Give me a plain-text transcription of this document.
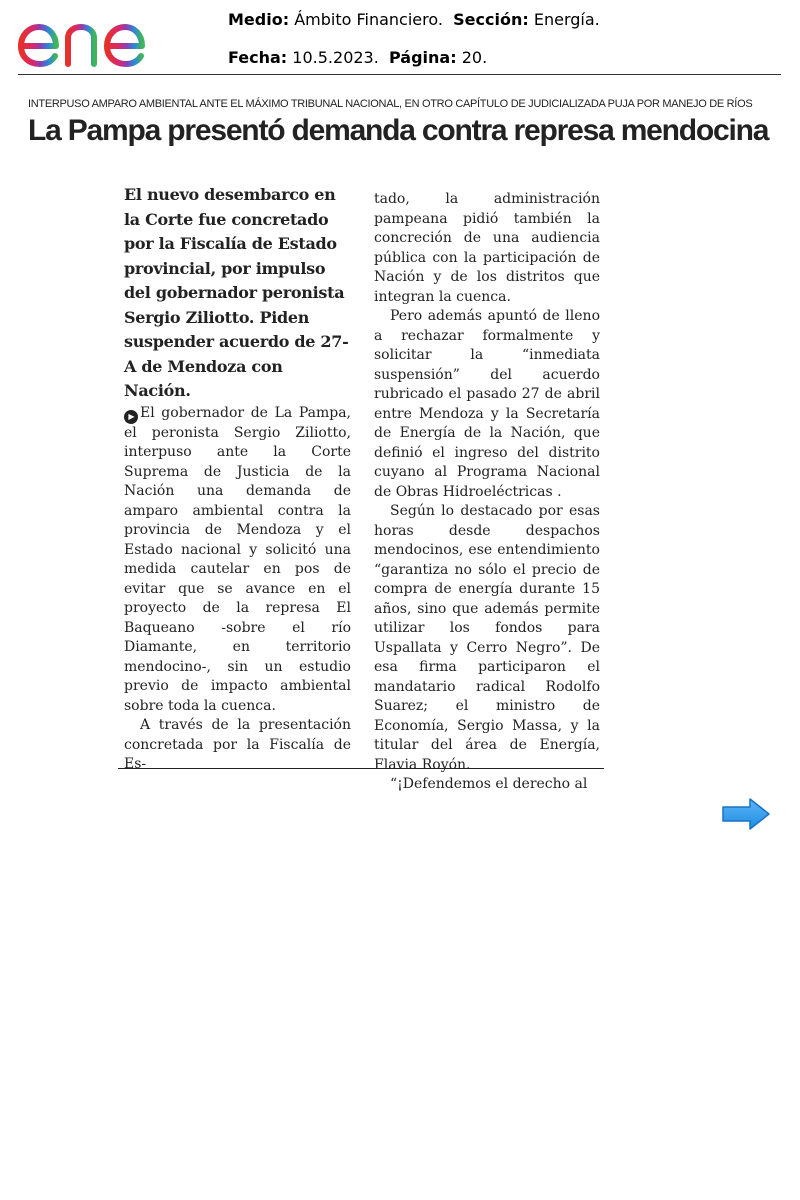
Medio: Ámbito Financiero. Sección: Energía.
Fecha: 10.5.2023. Página: 20.
INTERPUSO AMPARO AMBIENTAL ANTE EL MÁXIMO TRIBUNAL NACIONAL, EN OTRO CAPÍTULO DE JUDICIALIZADA PUJA POR MANEJO DE RÍOS
La Pampa presentó demanda contra represa mendocina

El nuevo desembarco en la Corte fue concretado por la Fiscalía de Estado provincial, por impulso del gobernador peronista Sergio Ziliotto. Piden suspender acuerdo de 27-A de Mendoza con Nación.

▶ El gobernador de La Pampa, el peronista Sergio Ziliotto, interpuso ante la Corte Suprema de Justicia de la Nación una demanda de amparo ambiental contra la provincia de Mendoza y el Estado nacional y solicitó una medida cautelar en pos de evitar que se avance en el proyecto de la represa El Baqueano -sobre el río Diamante, en territorio mendocino-, sin un estudio previo de impacto ambiental sobre toda la cuenca.

A través de la presentación concretada por la Fiscalía de Es-

tado, la administración pampeana pidió también la concreción de una audiencia pública con la participación de Nación y de los distritos que integran la cuenca.

Pero además apuntó de lleno a rechazar formalmente y solicitar la “inmediata suspensión” del acuerdo rubricado el pasado 27 de abril entre Mendoza y la Secretaría de Energía de la Nación, que definió el ingreso del distrito cuyano al Programa Nacional de Obras Hidroeléctricas .

Según lo destacado por esas horas desde despachos mendocinos, ese entendimiento “garantiza no sólo el precio de compra de energía durante 15 años, sino que además permite utilizar los fondos para Uspallata y Cerro Negro”. De esa firma participaron el mandatario radical Rodolfo Suarez; el ministro de Economía, Sergio Massa, y la titular del área de Energía, Flavia Royón.

“¡Defendemos el derecho al
